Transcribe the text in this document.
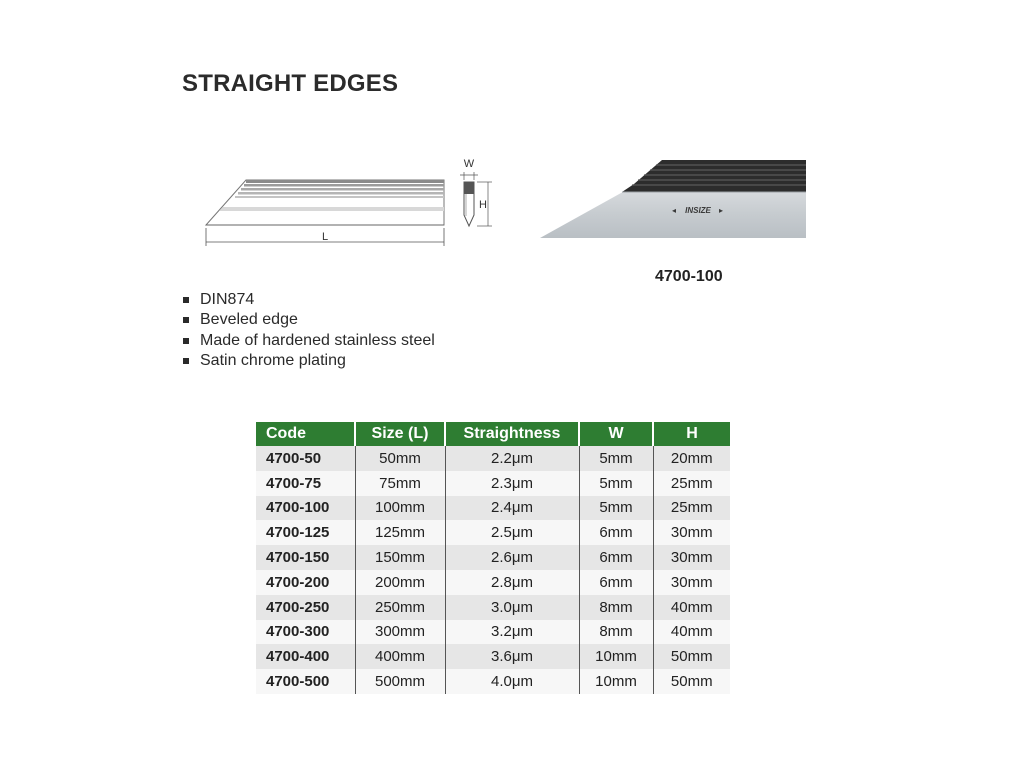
STRAIGHT EDGES
L
W
H	INSIZE
◂	▸
4700-100
DIN874
Beveled edge
Made of hardened stainless steel
Satin chrome plating
Code	Size (L)	Straightness	W	H
4700-50	50mm	2.2μm	5mm	20mm
4700-75	75mm	2.3μm	5mm	25mm
4700-100	100mm	2.4μm	5mm	25mm
4700-125	125mm	2.5μm	6mm	30mm
4700-150	150mm	2.6μm	6mm	30mm
4700-200	200mm	2.8μm	6mm	30mm
4700-250	250mm	3.0μm	8mm	40mm
4700-300	300mm	3.2μm	8mm	40mm
4700-400	400mm	3.6μm	10mm	50mm
4700-500	500mm	4.0μm	10mm	50mm
